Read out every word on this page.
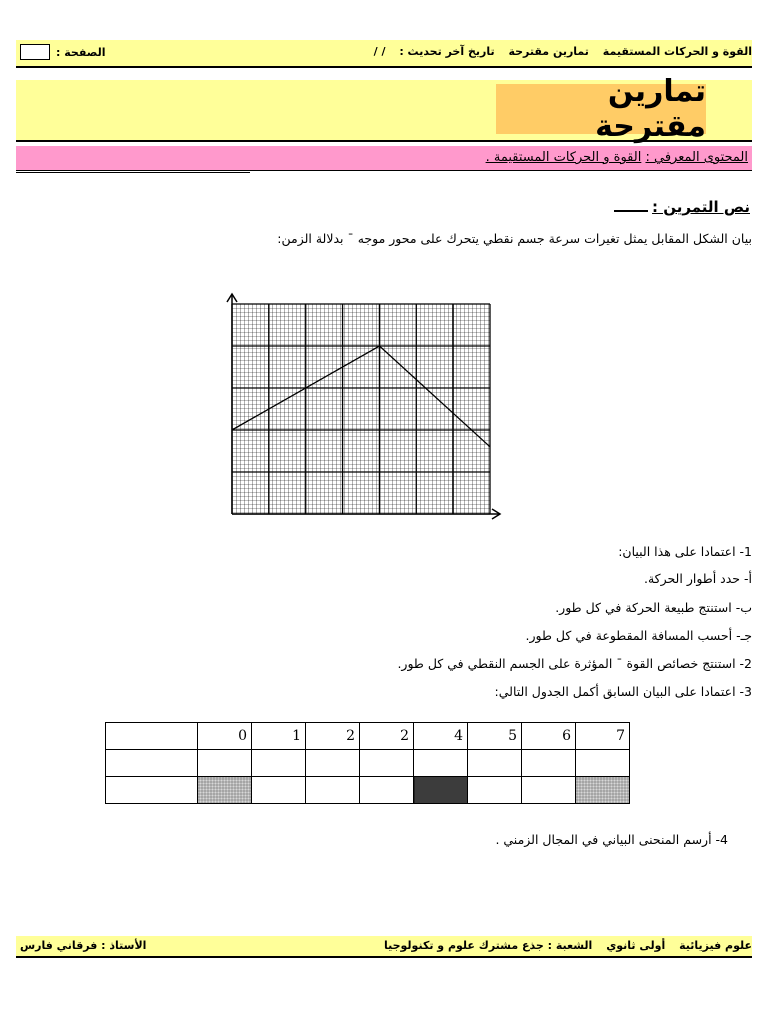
القوة و الحركات المستقيمة تمارين مقترحة تاريخ آخر تحديث : / /
الصفحة :
تمارين مقترحة
المحتوى المعرفي : القوة و الحركات المستقيمة .
نص التمرين :
بيان الشكل المقابل يمثل تغيرات سرعة جسم نقطي يتحرك على محور موجه ¯ بدلالة الزمن:
1- اعتمادا على هذا البيان:
أ- حدد أطوار الحركة.
ب- استنتج طبيعة الحركة في كل طور.
جـ- أحسب المسافة المقطوعة في كل طور.
2- استنتج خصائص القوة ¯ المؤثرة على الجسم النقطي في كل طور.
3- اعتمادا على البيان السابق أكمل الجدول التالي:
	0	1	2	2	4	5	6	7

4- أرسم المنحنى البياني في المجال الزمني .
علوم فيزيائية أولى ثانوي الشعبة : جذع مشترك علوم و تكنولوجيا
الأستاذ : فرقاني فارس
